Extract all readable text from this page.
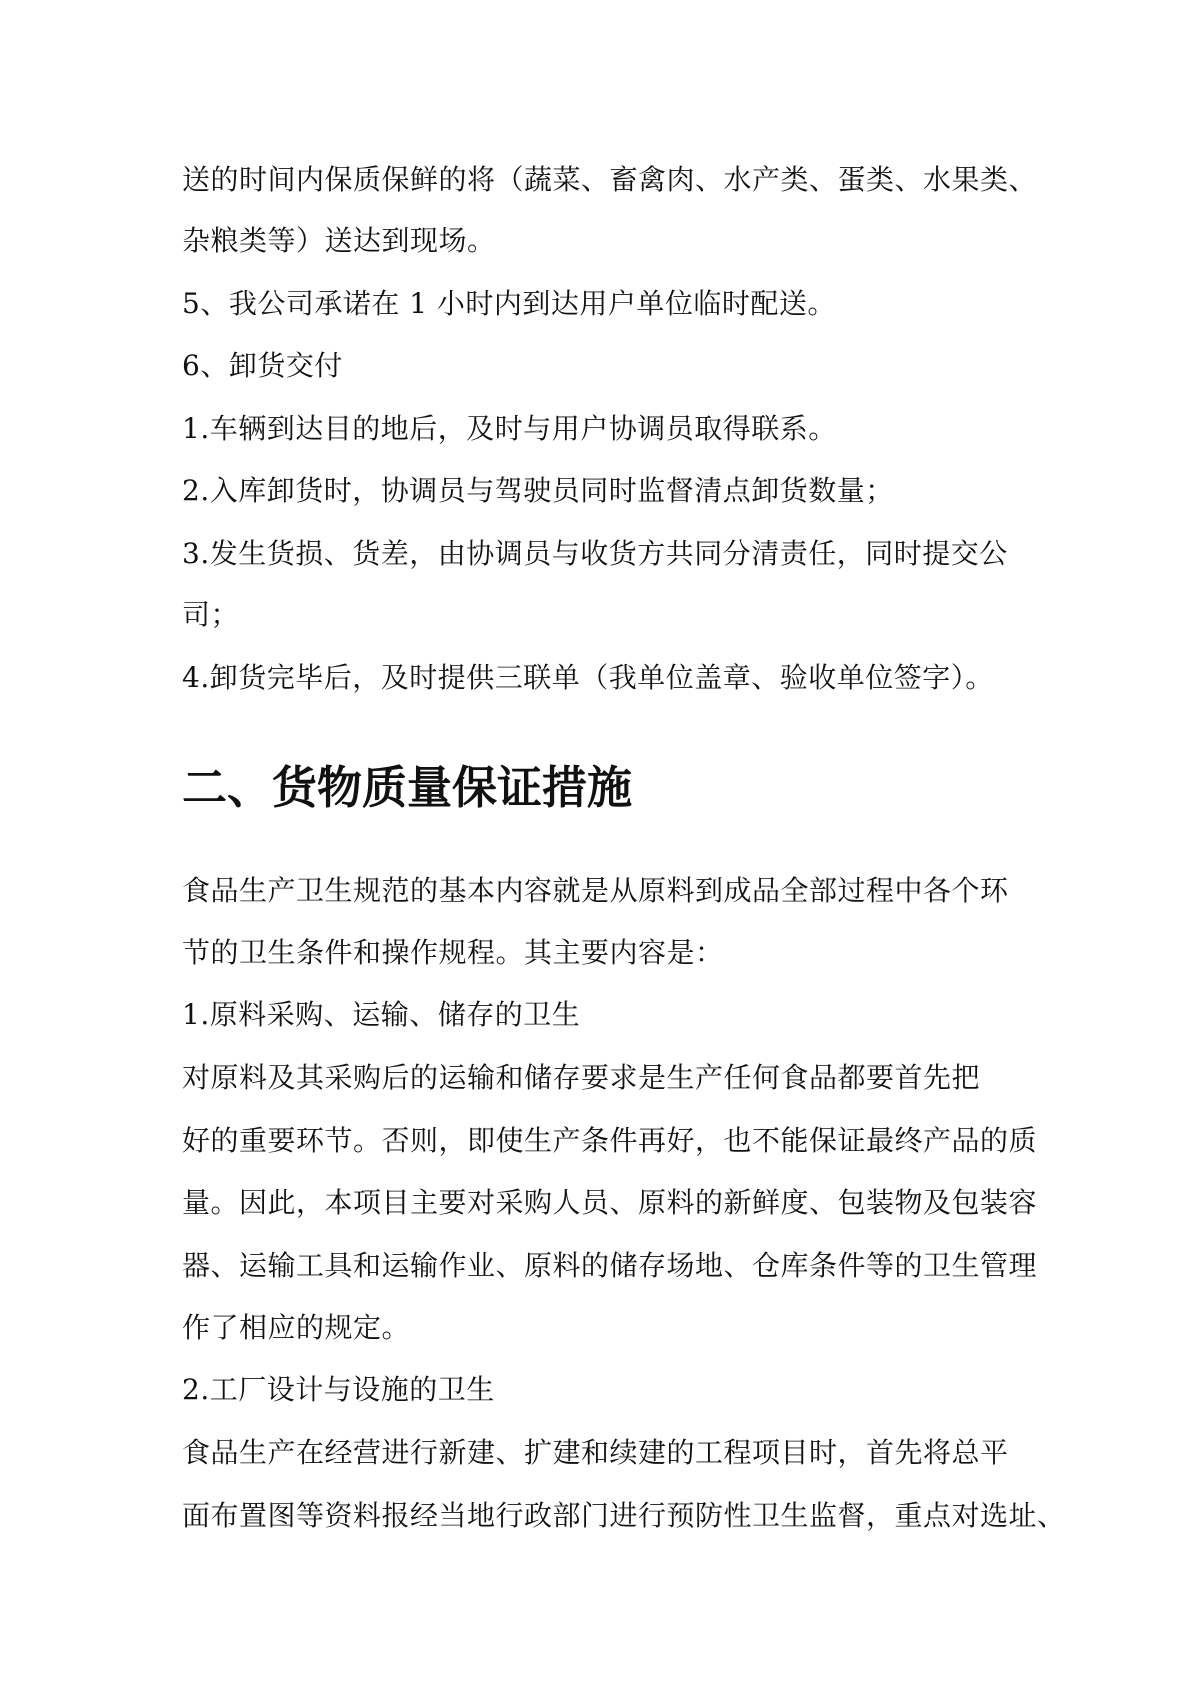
送的时间内保质保鲜的将（蔬菜、畜禽肉、水产类、蛋类、水果类、
杂粮类等）送达到现场。
5、我公司承诺在 1 小时内到达用户单位临时配送。
6、卸货交付
1.车辆到达目的地后，及时与用户协调员取得联系。
2.入库卸货时，协调员与驾驶员同时监督清点卸货数量；
3.发生货损、货差，由协调员与收货方共同分清责任，同时提交公
司；
4.卸货完毕后，及时提供三联单（我单位盖章、验收单位签字）。
二、货物质量保证措施
食品生产卫生规范的基本内容就是从原料到成品全部过程中各个环
节的卫生条件和操作规程。其主要内容是：
1.原料采购、运输、储存的卫生
对原料及其采购后的运输和储存要求是生产任何食品都要首先把
好的重要环节。否则，即使生产条件再好，也不能保证最终产品的质
量。因此，本项目主要对采购人员、原料的新鲜度、包装物及包装容
器、运输工具和运输作业、原料的储存场地、仓库条件等的卫生管理
作了相应的规定。
2.工厂设计与设施的卫生
食品生产在经营进行新建、扩建和续建的工程项目时，首先将总平
面布置图等资料报经当地行政部门进行预防性卫生监督，重点对选址、
